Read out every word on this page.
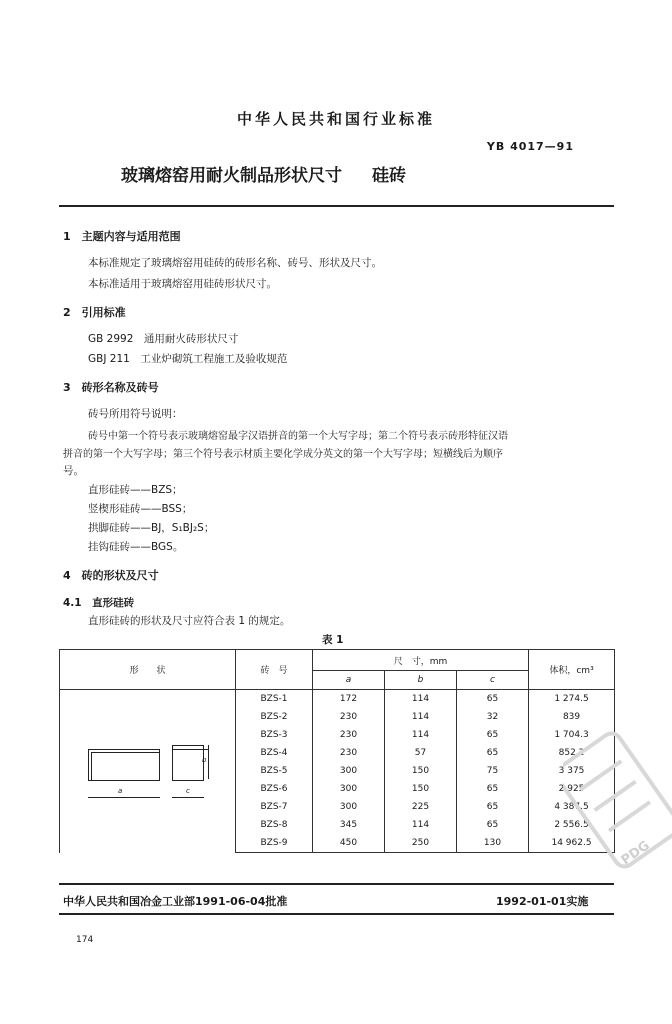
中华人民共和国行业标准
YB 4017—91
玻璃熔窑用耐火制品形状尺寸 硅砖
1　主题内容与适用范围
本标准规定了玻璃熔窑用硅砖的砖形名称、砖号、形状及尺寸。
本标准适用于玻璃熔窑用硅砖形状尺寸。
2　引用标准
GB 2992　通用耐火砖形状尺寸
GBJ 211　工业炉砌筑工程施工及验收规范
3　砖形名称及砖号
砖号所用符号说明：
砖号中第一个符号表示玻璃熔窑最字汉语拼音的第一个大写字母；第二个符号表示砖形特征汉语
拼音的第一个大写字母；第三个符号表示材质主要化学成分英文的第一个大写字母；短横线后为顺序
号。
直形硅砖——BZS；
竖楔形硅砖——BSS；
拱脚硅砖——BJ，S₁BJ₂S；
挂钩硅砖——BGS。
4　砖的形状及尺寸
4.1　直形硅砖
直形硅砖的形状及尺寸应符合表 1 的规定。
表 1
形　　状	砖　号	尺　寸，mm			体积，cm³
		a	b	c	
	BZS-1	172	114	65	1 274.5
	BZS-2	230	114	32	839
	BZS-3	230	114	65	1 704.3
	BZS-4	230	57	65	852.2
	BZS-5	300	150	75	3 375
	BZS-6	300	150	65	2 925
	BZS-7	300	225	65	4 387.5
	BZS-8	345	114	65	2 556.5
	BZS-9	450	250	130	14 962.5
a
b
c
PDG
中华人民共和国冶金工业部1991-06-04批准	1992-01-01实施
174
